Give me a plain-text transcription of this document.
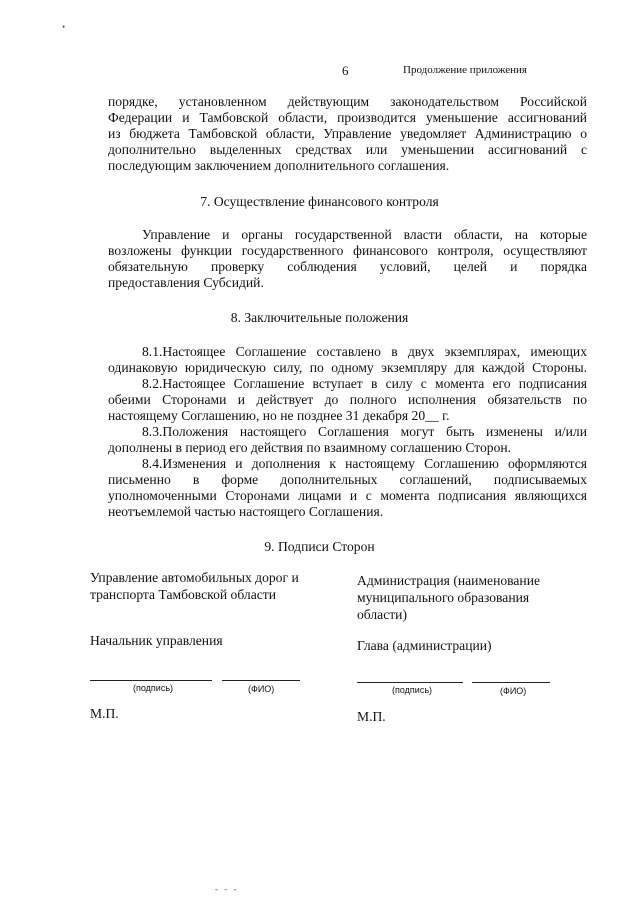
•
6	Продолжение приложения
порядке, установленном действующим законодательством Российской
Федерации и Тамбовской области, производится уменьшение ассигнований
из бюджета Тамбовской области, Управление уведомляет Администрацию о
дополнительно выделенных средствах или уменьшении ассигнований с
последующим заключением дополнительного соглашения.
7. Осуществление финансового контроля
Управление и органы государственной власти области, на которые
возложены функции государственного финансового контроля, осуществляют
обязательную проверку соблюдения условий, целей и порядка
предоставления Субсидий.
8. Заключительные положения
8.1.Настоящее Соглашение составлено в двух экземплярах, имеющих
одинаковую юридическую силу, по одному экземпляру для каждой Стороны.
8.2.Настоящее Соглашение вступает в силу с момента его подписания
обеими Сторонами и действует до полного исполнения обязательств по
настоящему Соглашению, но не позднее 31 декабря 20__ г.
8.3.Положения настоящего Соглашения могут быть изменены и/или
дополнены в период его действия по взаимному соглашению Сторон.
8.4.Изменения и дополнения к настоящему Соглашению оформляются
письменно в форме дополнительных соглашений, подписываемых
уполномоченными Сторонами лицами и с момента подписания являющихся
неотъемлемой частью настоящего Соглашения.
9. Подписи Сторон
Управление автомобильных дорог и
транспорта Тамбовской области
Начальник управления
(подпись)	(ФИО)
М.П.
Администрация (наименование
муниципального образования
области)
Глава (администрации)
(подпись)	(ФИО)
М.П.
- - -
